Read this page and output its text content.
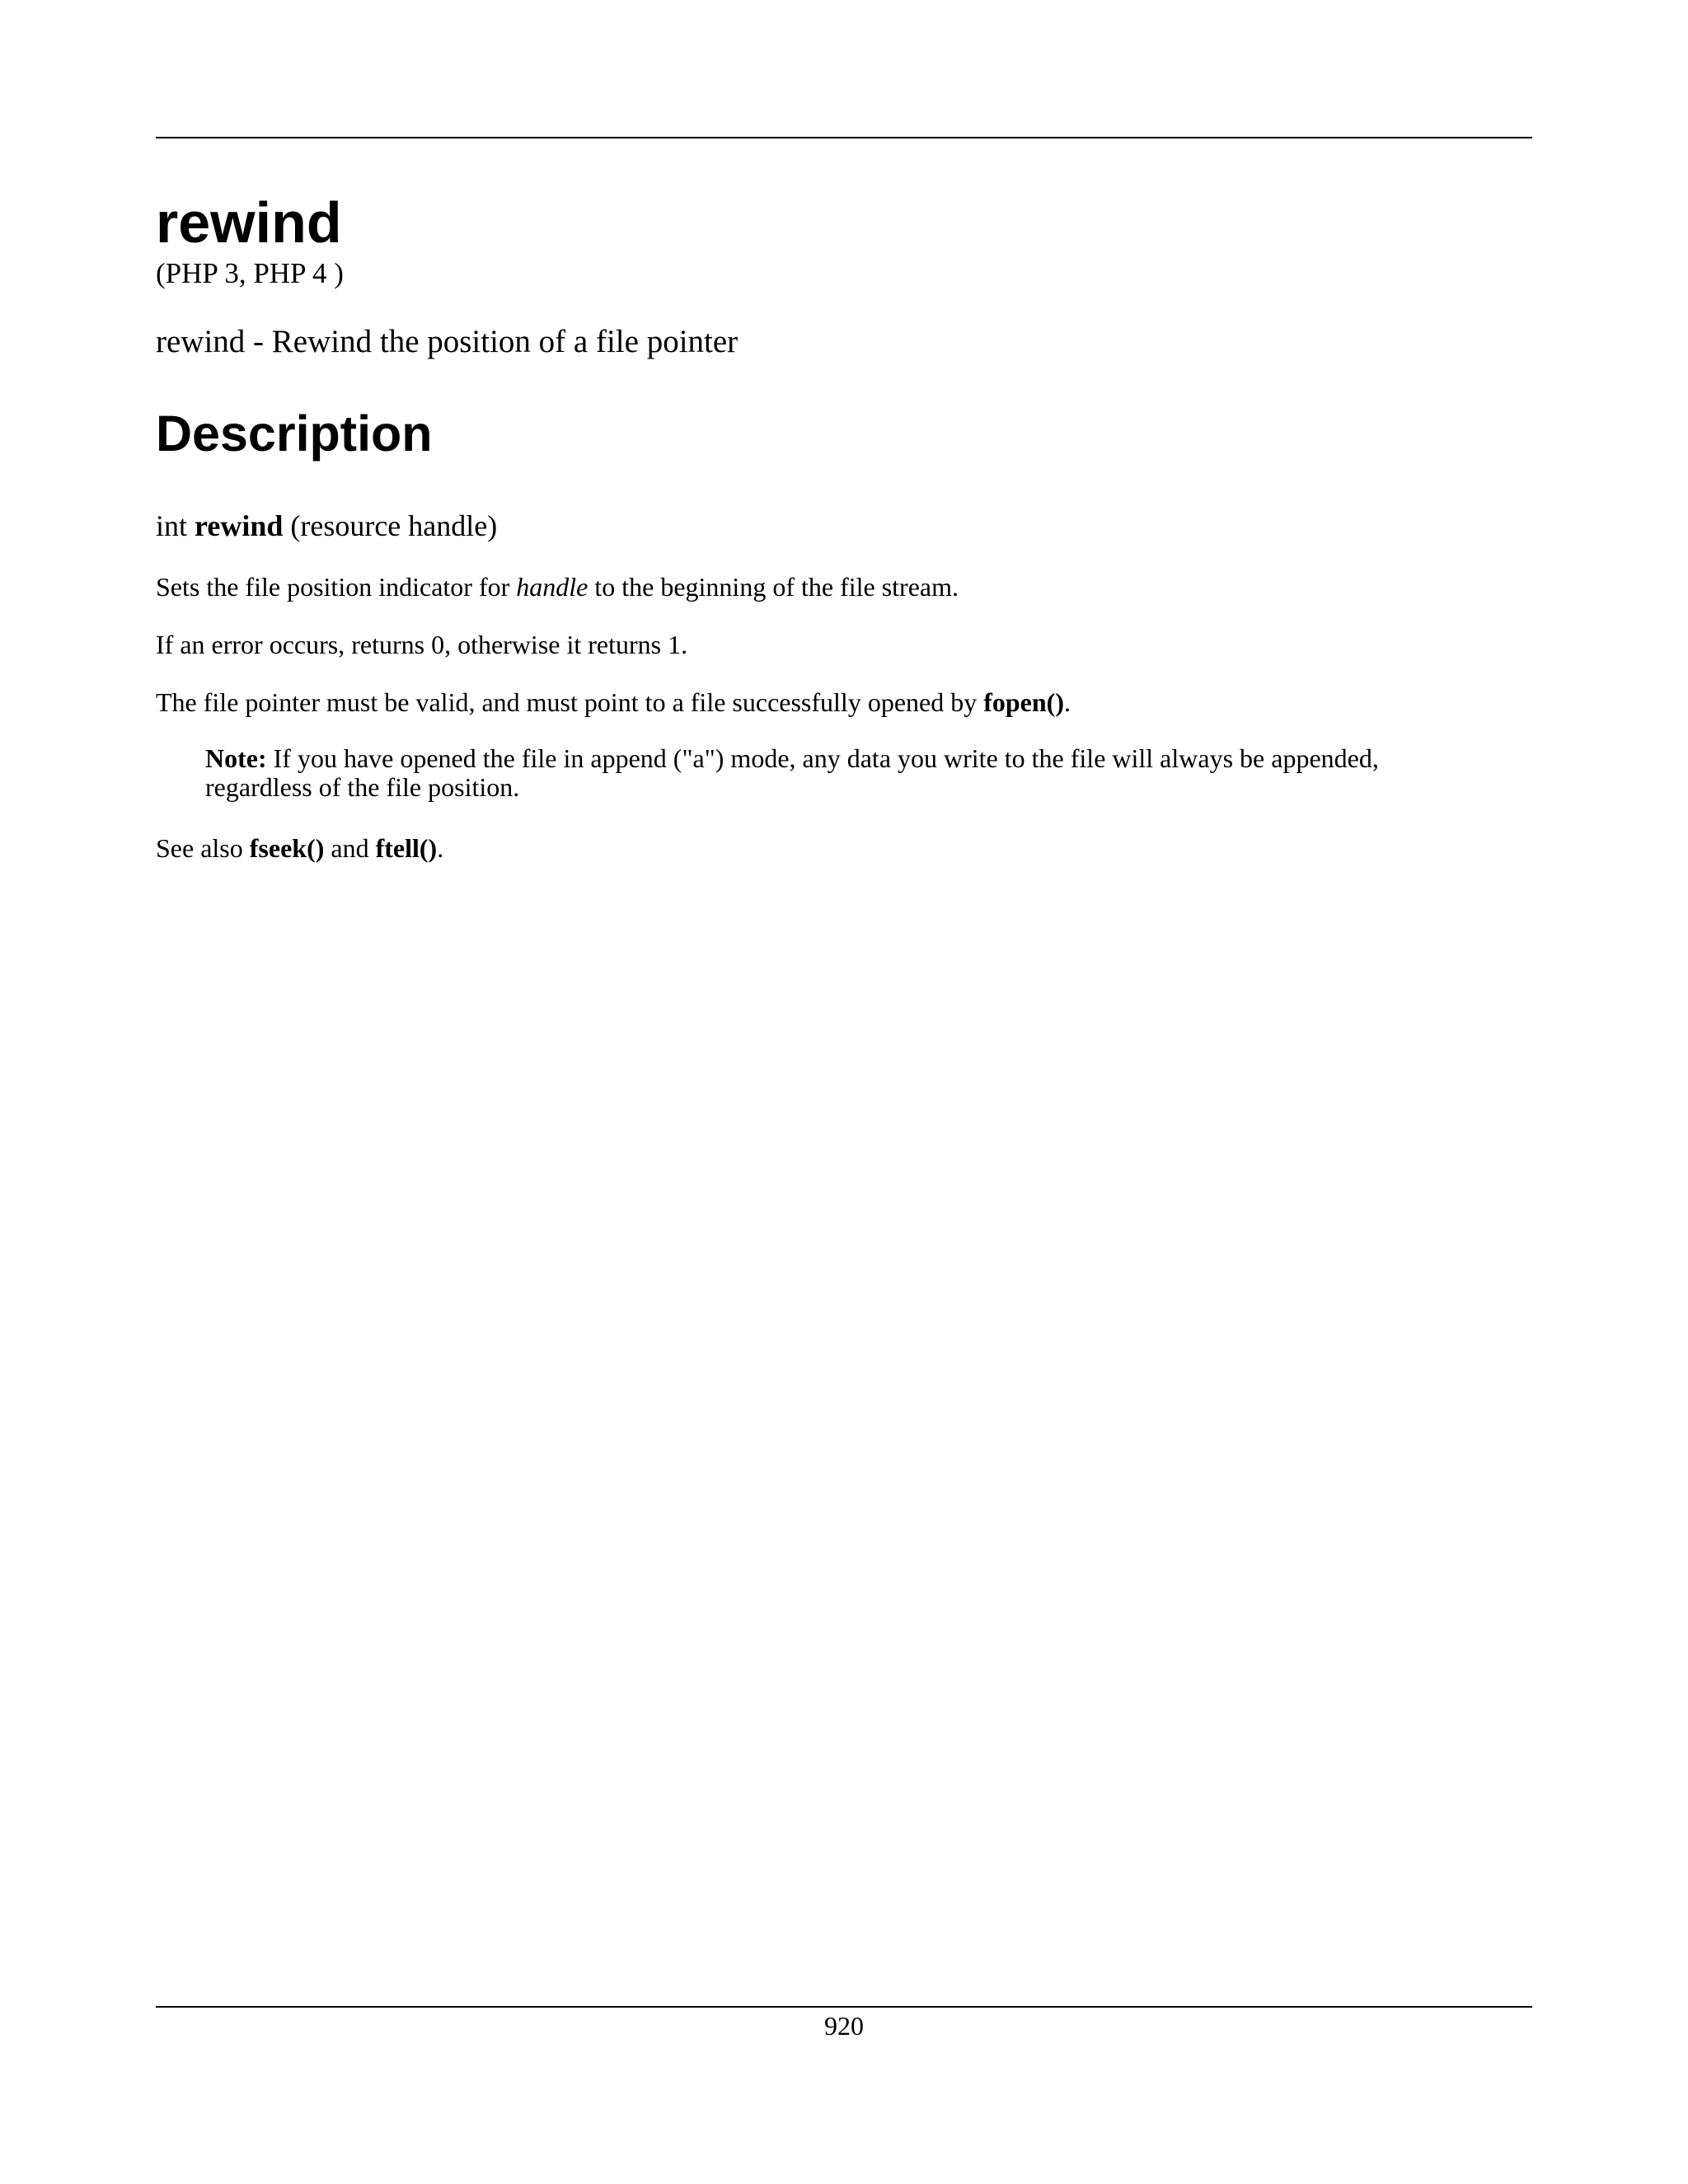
rewind
(PHP 3, PHP 4 )
rewind - Rewind the position of a file pointer
Description
int rewind (resource handle)

Sets the file position indicator for handle to the beginning of the file stream.

If an error occurs, returns 0, otherwise it returns 1.

The file pointer must be valid, and must point to a file successfully opened by fopen().

Note: If you have opened the file in append ("a") mode, any data you write to the file will always be appended, regardless of the file position.

See also fseek() and ftell().

920
